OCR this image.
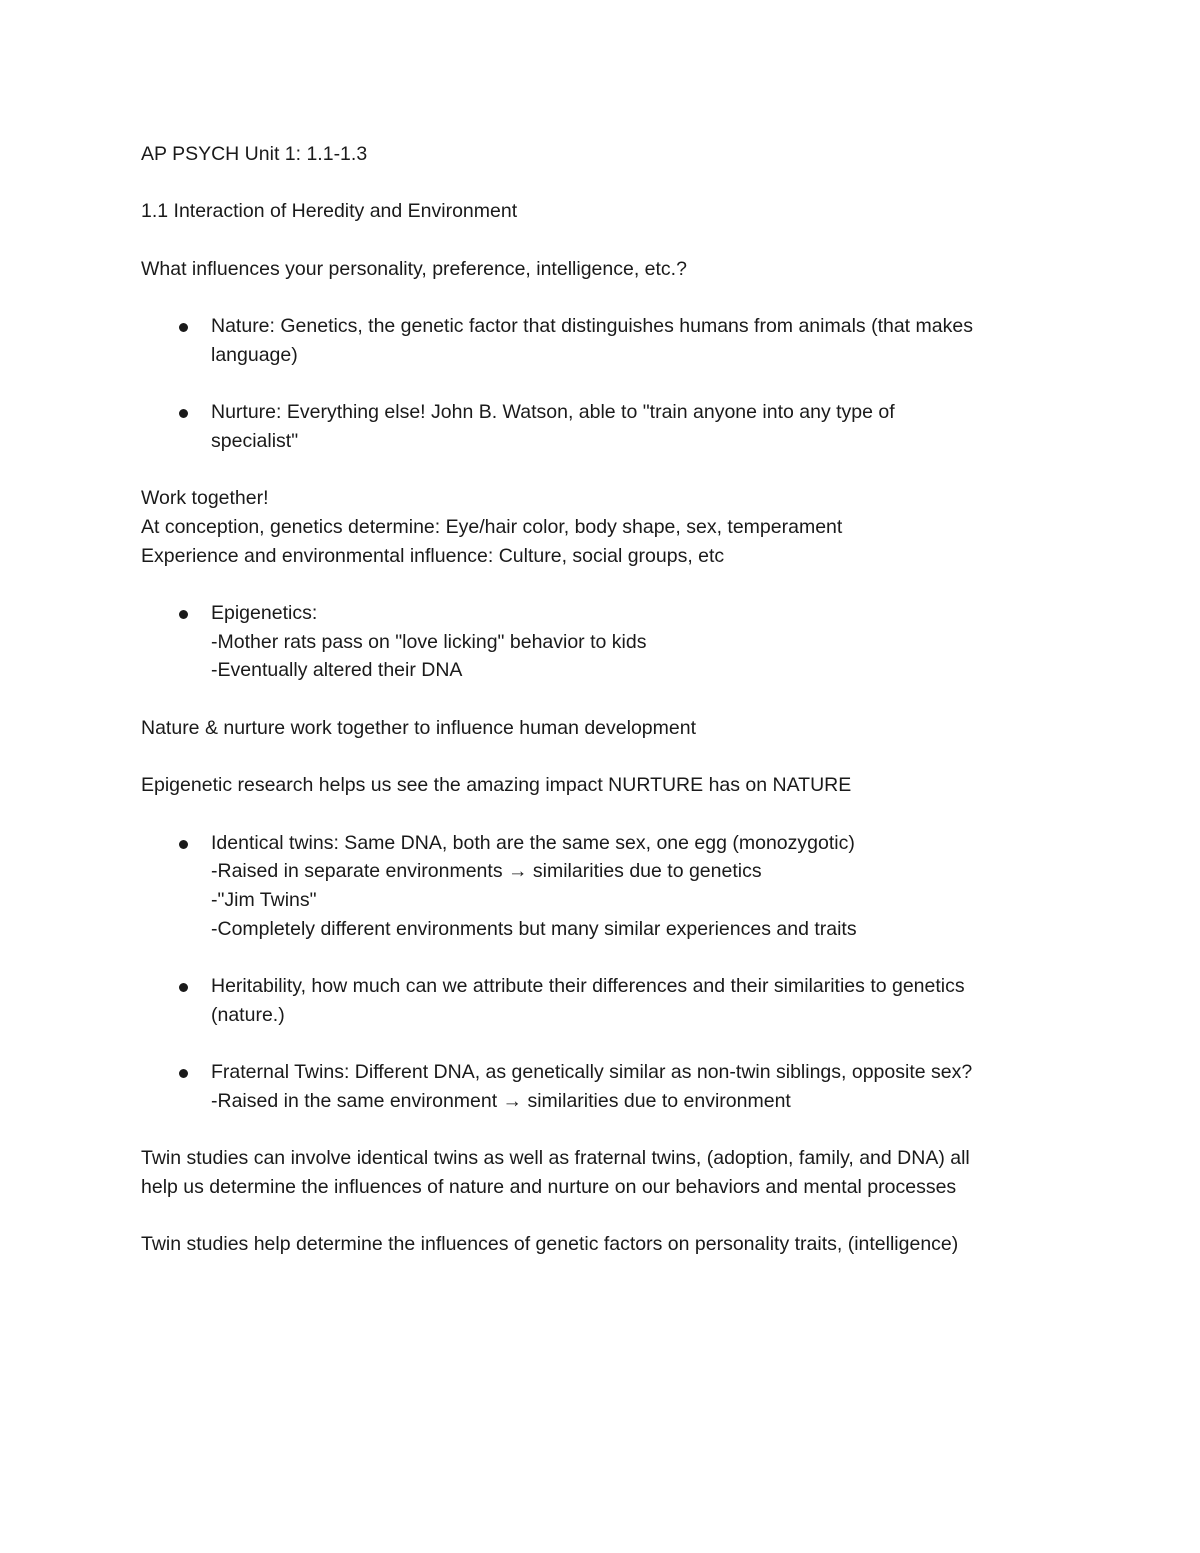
AP PSYCH Unit 1: 1.1-1.3
1.1 Interaction of Heredity and Environment
What influences your personality, preference, intelligence, etc.?
Nature: Genetics, the genetic factor that distinguishes humans from animals (that makes
language)
Nurture: Everything else! John B. Watson, able to "train anyone into any type of
specialist"
Work together!
At conception, genetics determine: Eye/hair color, body shape, sex, temperament
Experience and environmental influence: Culture, social groups, etc
Epigenetics:
-Mother rats pass on "love licking" behavior to kids
-Eventually altered their DNA
Nature & nurture work together to influence human development
Epigenetic research helps us see the amazing impact NURTURE has on NATURE
Identical twins: Same DNA, both are the same sex, one egg (monozygotic)
-Raised in separate environments → similarities due to genetics
-"Jim Twins"
-Completely different environments but many similar experiences and traits
Heritability, how much can we attribute their differences and their similarities to genetics
(nature.)
Fraternal Twins: Different DNA, as genetically similar as non-twin siblings, opposite sex?
-Raised in the same environment → similarities due to environment
Twin studies can involve identical twins as well as fraternal twins, (adoption, family, and DNA) all
help us determine the influences of nature and nurture on our behaviors and mental processes
Twin studies help determine the influences of genetic factors on personality traits, (intelligence)
